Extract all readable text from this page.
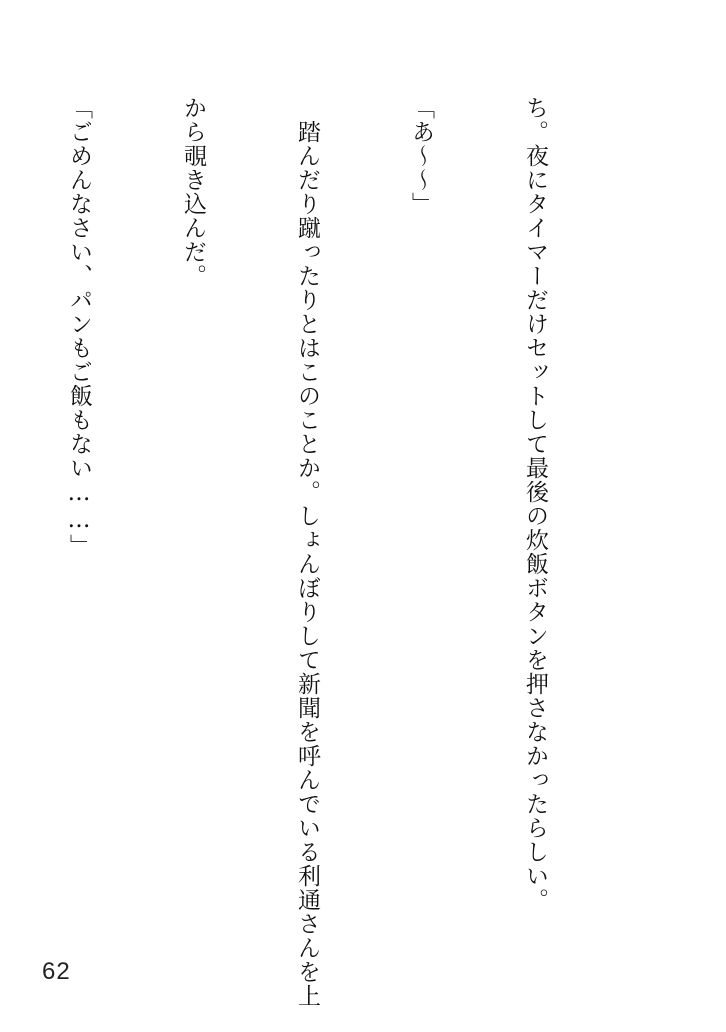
ち。夜にタイマーだけセットして最後の炊飯ボタンを押さなかったらしい。

「あ〜〜」

　踏んだり蹴ったりとはこのことか。しょんぼりして新聞を呼んでいる利通さんを上

から覗き込んだ。

「ごめんなさい、パンもご飯もない……」

62
